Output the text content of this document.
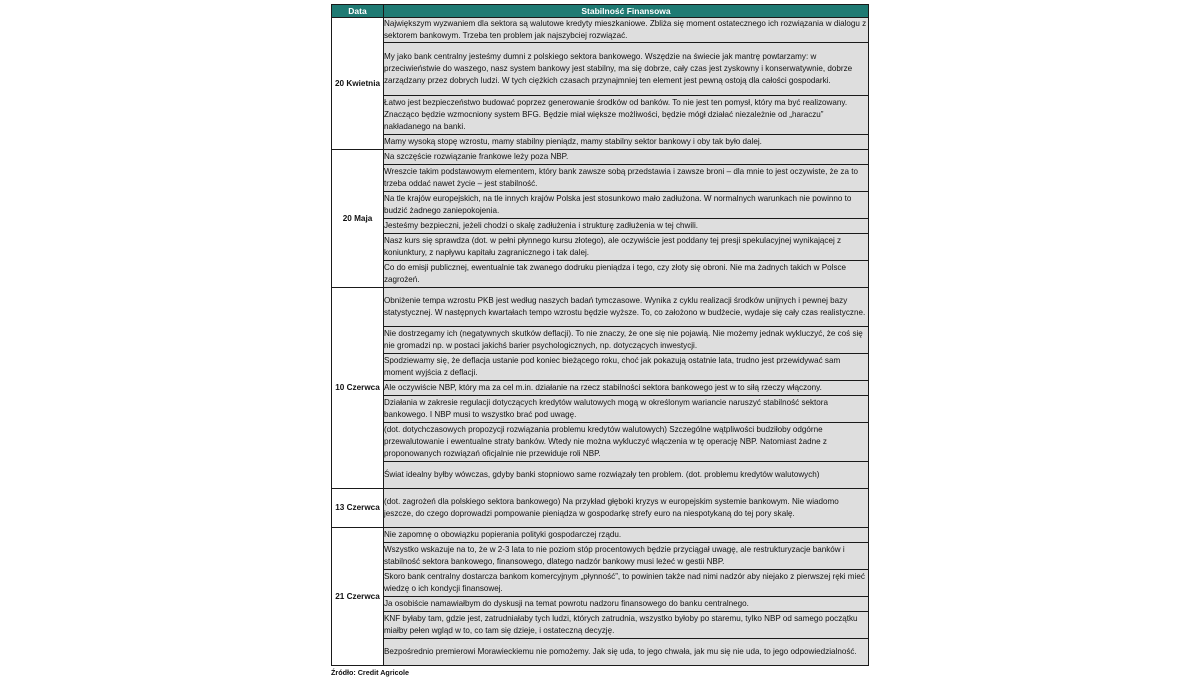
Data	Stabilność Finansowa
20 Kwietnia	Największym wyzwaniem dla sektora są walutowe kredyty mieszkaniowe. Zbliża się moment ostatecznego ich rozwiązania w dialogu z sektorem bankowym. Trzeba ten problem jak najszybciej rozwiązać.
	My jako bank centralny jesteśmy dumni z polskiego sektora bankowego. Wszędzie na świecie jak mantrę powtarzamy: w przeciwieństwie do waszego, nasz system bankowy jest stabilny, ma się dobrze, cały czas jest zyskowny i konserwatywnie, dobrze zarządzany przez dobrych ludzi. W tych ciężkich czasach przynajmniej ten element jest pewną ostoją dla całości gospodarki.
	Łatwo jest bezpieczeństwo budować poprzez generowanie środków od banków. To nie jest ten pomysł, który ma być realizowany. Znacząco będzie wzmocniony system BFG. Będzie miał większe możliwości, będzie mógł działać niezależnie od „haraczu” nakładanego na banki.
	Mamy wysoką stopę wzrostu, mamy stabilny pieniądz, mamy stabilny sektor bankowy i oby tak było dalej.
20 Maja	Na szczęście rozwiązanie frankowe leży poza NBP.
	Wreszcie takim podstawowym elementem, który bank zawsze sobą przedstawia i zawsze broni – dla mnie to jest oczywiste, że za to trzeba oddać nawet życie – jest stabilność.
	Na tle krajów europejskich, na tle innych krajów Polska jest stosunkowo mało zadłużona. W normalnych warunkach nie powinno to budzić żadnego zaniepokojenia.
	Jesteśmy bezpieczni, jeżeli chodzi o skalę zadłużenia i strukturę zadłużenia w tej chwili.
	Nasz kurs się sprawdza (dot. w pełni płynnego kursu złotego), ale oczywiście jest poddany tej presji spekulacyjnej wynikającej z koniunktury, z napływu kapitału zagranicznego i tak dalej.
	Co do emisji publicznej, ewentualnie tak zwanego dodruku pieniądza i tego, czy złoty się obroni. Nie ma żadnych takich w Polsce zagrożeń.
10 Czerwca	Obniżenie tempa wzrostu PKB jest według naszych badań tymczasowe. Wynika z cyklu realizacji środków unijnych i pewnej bazy statystycznej. W następnych kwartałach tempo wzrostu będzie wyższe. To, co założono w budżecie, wydaje się cały czas realistyczne.
	Nie dostrzegamy ich (negatywnych skutków deflacji). To nie znaczy, że one się nie pojawią. Nie możemy jednak wykluczyć, że coś się nie gromadzi np. w postaci jakichś barier psychologicznych, np. dotyczących inwestycji.
	Spodziewamy się, że deflacja ustanie pod koniec bieżącego roku, choć jak pokazują ostatnie lata, trudno jest przewidywać sam moment wyjścia z deflacji.
	Ale oczywiście NBP, który ma za cel m.in. działanie na rzecz stabilności sektora bankowego jest w to siłą rzeczy włączony.
	Działania w zakresie regulacji dotyczących kredytów walutowych mogą w określonym wariancie naruszyć stabilność sektora bankowego. I NBP musi to wszystko brać pod uwagę.
	(dot. dotychczasowych propozycji rozwiązania problemu kredytów walutowych) Szczególne wątpliwości budziłoby odgórne przewalutowanie i ewentualne straty banków. Wtedy nie można wykluczyć włączenia w tę operację NBP. Natomiast żadne z proponowanych rozwiązań oficjalnie nie przewiduje roli NBP.
	Świat idealny byłby wówczas, gdyby banki stopniowo same rozwiązały ten problem. (dot. problemu kredytów walutowych)
13 Czerwca	(dot. zagrożeń dla polskiego sektora bankowego) Na przykład głęboki kryzys w europejskim systemie bankowym. Nie wiadomo jeszcze, do czego doprowadzi pompowanie pieniądza w gospodarkę strefy euro na niespotykaną do tej pory skalę.
21 Czerwca	Nie zapomnę o obowiązku popierania polityki gospodarczej rządu.
	Wszystko wskazuje na to, że w 2-3 lata to nie poziom stóp procentowych będzie przyciągał uwagę, ale restrukturyzacje banków i stabilność sektora bankowego, finansowego, dlatego nadzór bankowy musi leżeć w gestii NBP.
	Skoro bank centralny dostarcza bankom komercyjnym „płynność”, to powinien także nad nimi nadzór aby niejako z pierwszej ręki mieć wiedzę o ich kondycji finansowej.
	Ja osobiście namawiałbym do dyskusji na temat powrotu nadzoru finansowego do banku centralnego.
	KNF byłaby tam, gdzie jest, zatrudniałaby tych ludzi, których zatrudnia, wszystko byłoby po staremu, tylko NBP od samego początku miałby pełen wgląd w to, co tam się dzieje, i ostateczną decyzję.
	Bezpośrednio premierowi Morawieckiemu nie pomożemy. Jak się uda, to jego chwała, jak mu się nie uda, to jego odpowiedzialność.
Źródło: Credit Agricole
